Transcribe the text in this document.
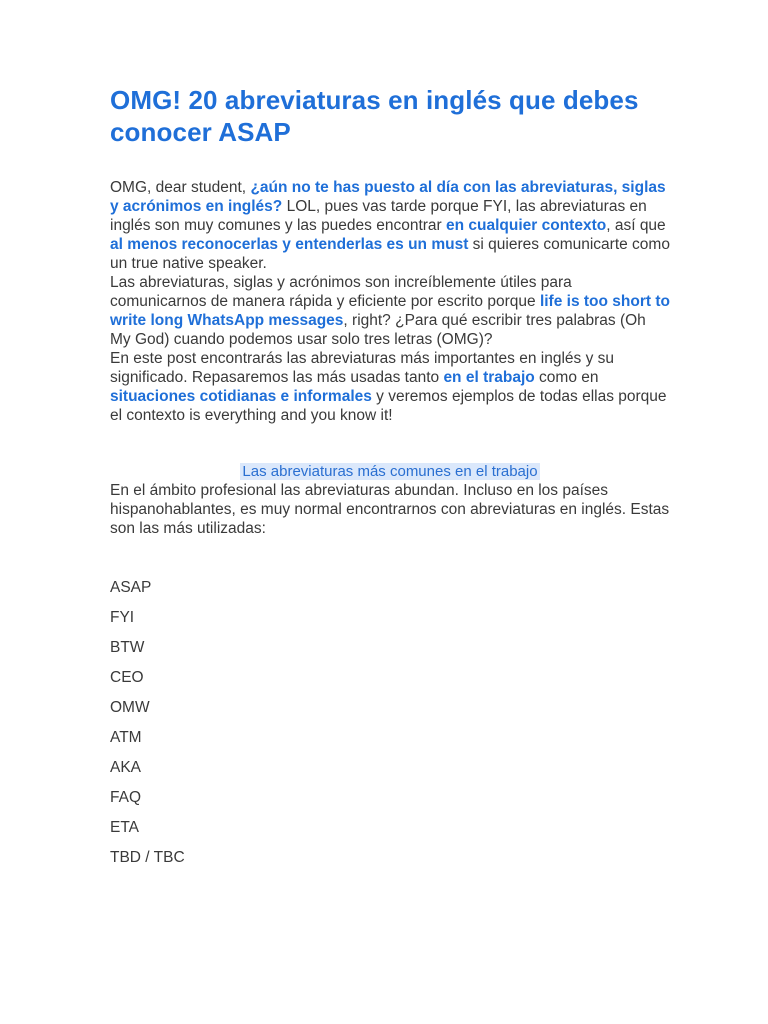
OMG! 20 abreviaturas en inglés que debes conocer ASAP

OMG, dear student, ¿aún no te has puesto al día con las abreviaturas, siglas y acrónimos en inglés? LOL, pues vas tarde porque FYI, las abreviaturas en inglés son muy comunes y las puedes encontrar en cualquier contexto, así que al menos reconocerlas y entenderlas es un must si quieres comunicarte como un true native speaker.

Las abreviaturas, siglas y acrónimos son increíblemente útiles para comunicarnos de manera rápida y eficiente por escrito porque life is too short to write long WhatsApp messages, right? ¿Para qué escribir tres palabras (Oh My God) cuando podemos usar solo tres letras (OMG)?

En este post encontrarás las abreviaturas más importantes en inglés y su significado. Repasaremos las más usadas tanto en el trabajo como en situaciones cotidianas e informales y veremos ejemplos de todas ellas porque el contexto is everything and you know it!

Las abreviaturas más comunes en el trabajo

En el ámbito profesional las abreviaturas abundan. Incluso en los países hispanohablantes, es muy normal encontrarnos con abreviaturas en inglés. Estas son las más utilizadas:

ASAP
FYI
BTW
CEO
OMW
ATM
AKA
FAQ
ETA
TBD / TBC
